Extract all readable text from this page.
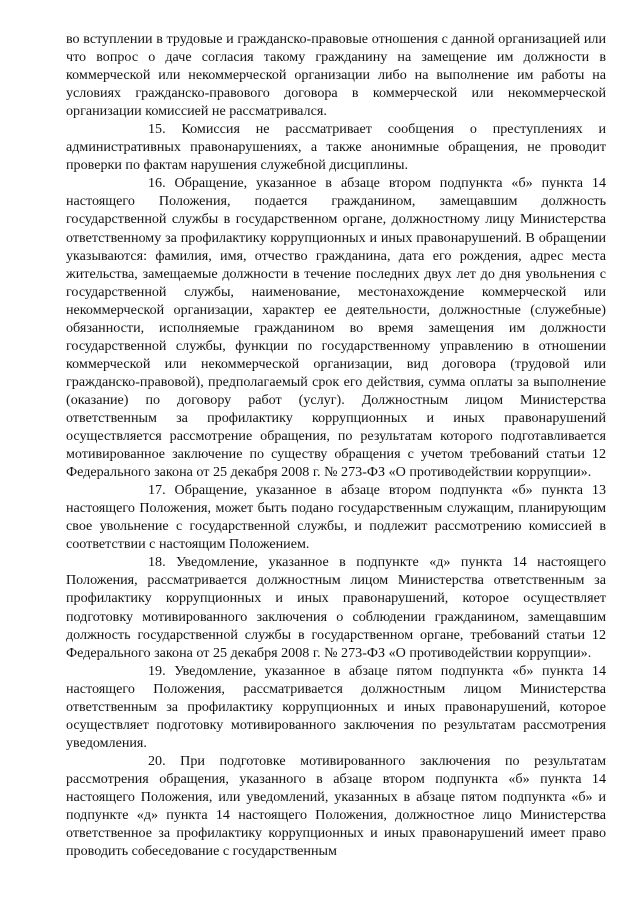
во вступлении в трудовые и гражданско-правовые отношения с данной организацией или что вопрос о даче согласия такому гражданину на замещение им должности в коммерческой или некоммерческой организации либо на выполнение им работы на условиях гражданско-правового договора в коммерческой или некоммерческой организации комиссией не рассматривался.

15. Комиссия не рассматривает сообщения о преступлениях и административных правонарушениях, а также анонимные обращения, не проводит проверки по фактам нарушения служебной дисциплины.

16. Обращение, указанное в абзаце втором подпункта «б» пункта 14 настоящего Положения, подается гражданином, замещавшим должность государственной службы в государственном органе, должностному лицу Министерства ответственному за профилактику коррупционных и иных правонарушений. В обращении указываются: фамилия, имя, отчество гражданина, дата его рождения, адрес места жительства, замещаемые должности в течение последних двух лет до дня увольнения с государственной службы, наименование, местонахождение коммерческой или некоммерческой организации, характер ее деятельности, должностные (служебные) обязанности, исполняемые гражданином во время замещения им должности государственной службы, функции по государственному управлению в отношении коммерческой или некоммерческой организации, вид договора (трудовой или гражданско-правовой), предполагаемый срок его действия, сумма оплаты за выполнение (оказание) по договору работ (услуг). Должностным лицом Министерства ответственным за профилактику коррупционных и иных правонарушений осуществляется рассмотрение обращения, по результатам которого подготавливается мотивированное заключение по существу обращения с учетом требований статьи 12 Федерального закона от 25 декабря 2008 г. № 273-ФЗ «О противодействии коррупции».

17. Обращение, указанное в абзаце втором подпункта «б» пункта 13 настоящего Положения, может быть подано государственным служащим, планирующим свое увольнение с государственной службы, и подлежит рассмотрению комиссией в соответствии с настоящим Положением.

18. Уведомление, указанное в подпункте «д» пункта 14 настоящего Положения, рассматривается должностным лицом Министерства ответственным за профилактику коррупционных и иных правонарушений, которое осуществляет подготовку мотивированного заключения о соблюдении гражданином, замещавшим должность государственной службы в государственном органе, требований статьи 12 Федерального закона от 25 декабря 2008 г. № 273-ФЗ «О противодействии коррупции».

19. Уведомление, указанное в абзаце пятом подпункта «б» пункта 14 настоящего Положения, рассматривается должностным лицом Министерства ответственным за профилактику коррупционных и иных правонарушений, которое осуществляет подготовку мотивированного заключения по результатам рассмотрения уведомления.

20. При подготовке мотивированного заключения по результатам рассмотрения обращения, указанного в абзаце втором подпункта «б» пункта 14 настоящего Положения, или уведомлений, указанных в абзаце пятом подпункта «б» и подпункте «д» пункта 14 настоящего Положения, должностное лицо Министерства ответственное за профилактику коррупционных и иных правонарушений имеет право проводить собеседование с государственным
